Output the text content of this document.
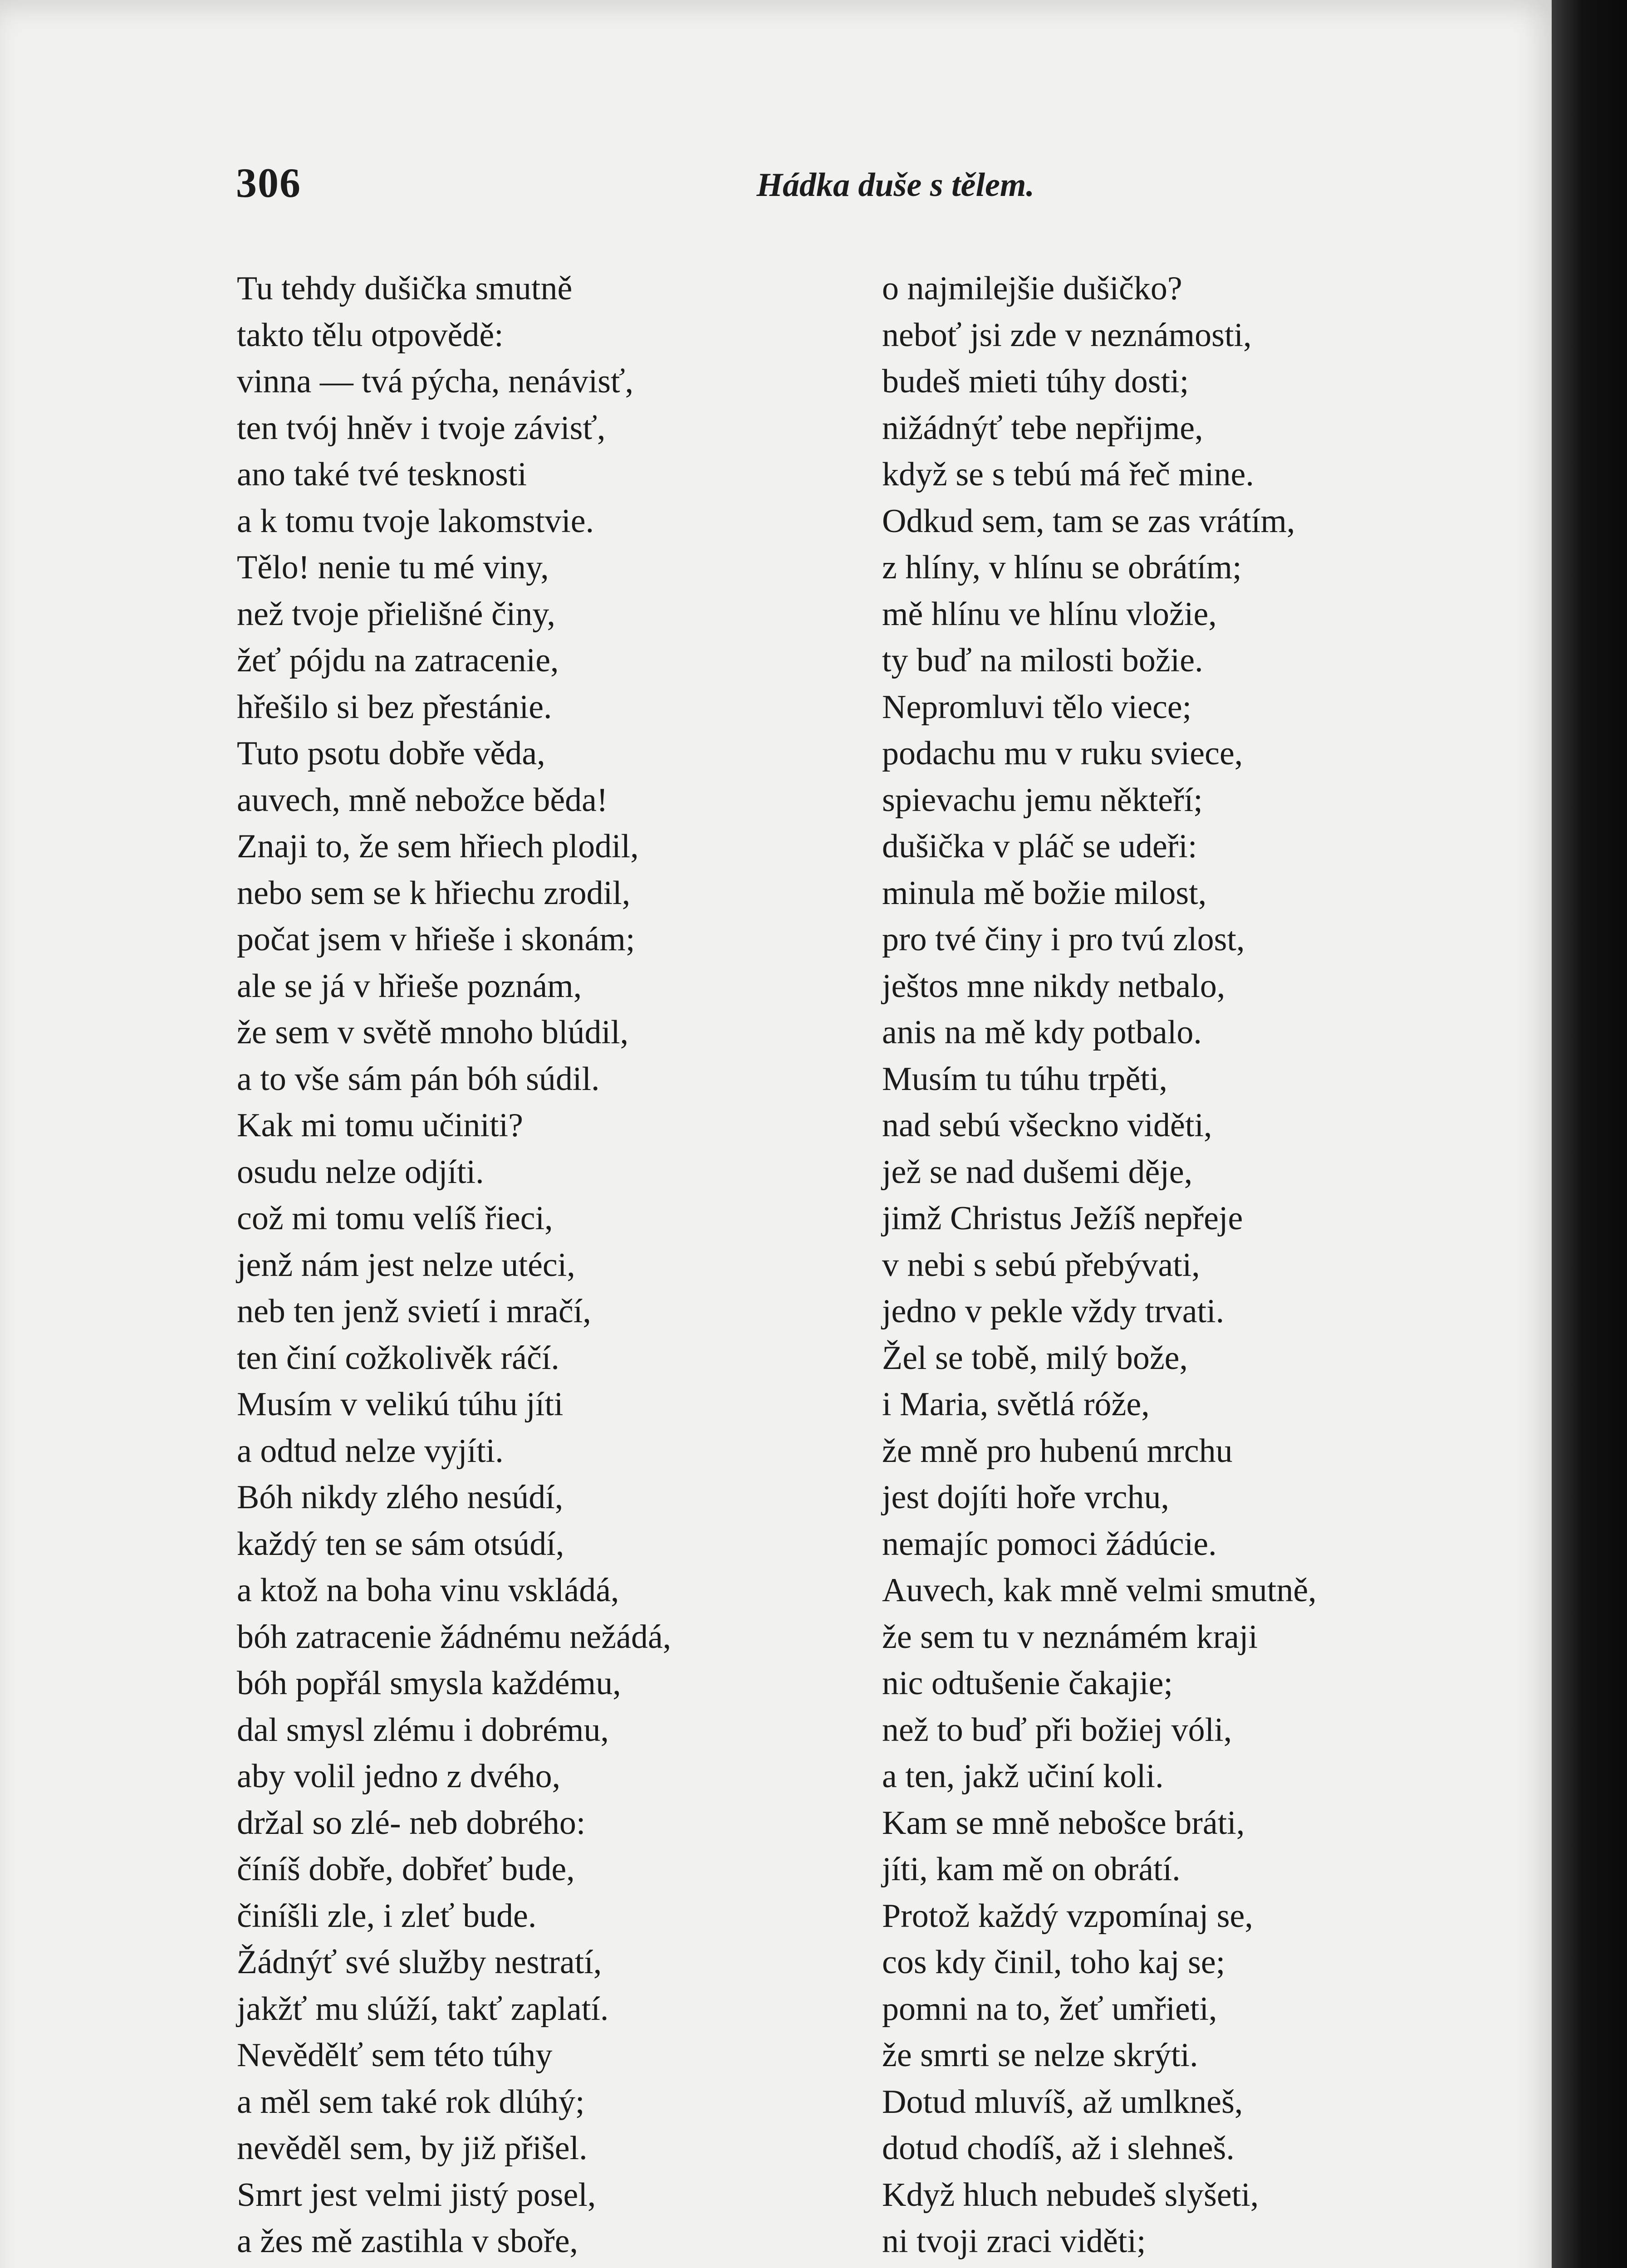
306	Hádka duše s tělem.
Tu tehdy dušička smutně
takto tělu otpovědě:
vinna — tvá pýcha, nenávisť,
ten tvój hněv i tvoje závisť,
ano také tvé tesknosti
a k tomu tvoje lakomstvie.
Tělo! nenie tu mé viny,
než tvoje přielišné činy,
žeť pójdu na zatracenie,
hřešilo si bez přestánie.
Tuto psotu dobře věda,
auvech, mně nebožce běda!
Znaji to, že sem hřiech plodil,
nebo sem se k hřiechu zrodil,
počat jsem v hřieše i skonám;
ale se já v hřieše poznám,
že sem v světě mnoho blúdil,
a to vše sám pán bóh súdil.
Kak mi tomu učiniti?
osudu nelze odjíti.
což mi tomu velíš řieci,
jenž nám jest nelze utéci,
neb ten jenž svietí i mračí,
ten činí cožkolivěk ráčí.
Musím v velikú túhu jíti
a odtud nelze vyjíti.
Bóh nikdy zlého nesúdí,
každý ten se sám otsúdí,
a ktož na boha vinu vskládá,
bóh zatracenie žádnému nežádá,
bóh popřál smysla každému,
dal smysl zlému i dobrému,
aby volil jedno z dvého,
držal so zlé- neb dobrého:
číníš dobře, dobřeť bude,
činíšli zle, i zleť bude.
Žádnýť své služby nestratí,
jakžť mu slúží, takť zaplatí.
Nevědělť sem této túhy
a měl sem také rok dlúhý;
nevěděl sem, by již přišel.
Smrt jest velmi jistý posel,
a žes mě zastihla v sboře,
o najmilejšie dušičko?
neboť jsi zde v neznámosti,
budeš mieti túhy dosti;
nižádnýť tebe nepřijme,
když se s tebú má řeč mine.
Odkud sem, tam se zas vrátím,
z hlíny, v hlínu se obrátím;
mě hlínu ve hlínu vložie,
ty buď na milosti božie.
Nepromluvi tělo viece;
podachu mu v ruku sviece,
spievachu jemu někteří;
dušička v pláč se udeři:
minula mě božie milost,
pro tvé činy i pro tvú zlost,
ještos mne nikdy netbalo,
anis na mě kdy potbalo.
Musím tu túhu trpěti,
nad sebú všeckno viděti,
jež se nad dušemi děje,
jimž Christus Ježíš nepřeje
v nebi s sebú přebývati,
jedno v pekle vždy trvati.
Žel se tobě, milý bože,
i Maria, světlá róže,
že mně pro hubenú mrchu
jest dojíti hoře vrchu,
nemajíc pomoci žádúcie.
Auvech, kak mně velmi smutně,
že sem tu v neznámém kraji
nic odtušenie čakajie;
než to buď při božiej vóli,
a ten, jakž učiní koli.
Kam se mně nebošce bráti,
jíti, kam mě on obrátí.
Protož každý vzpomínaj se,
cos kdy činil, toho kaj se;
pomni na to, žeť umřieti,
že smrti se nelze skrýti.
Dotud mluvíš, až umlkneš,
dotud chodíš, až i slehneš.
Když hluch nebudeš slyšeti,
ni tvoji zraci viděti;
